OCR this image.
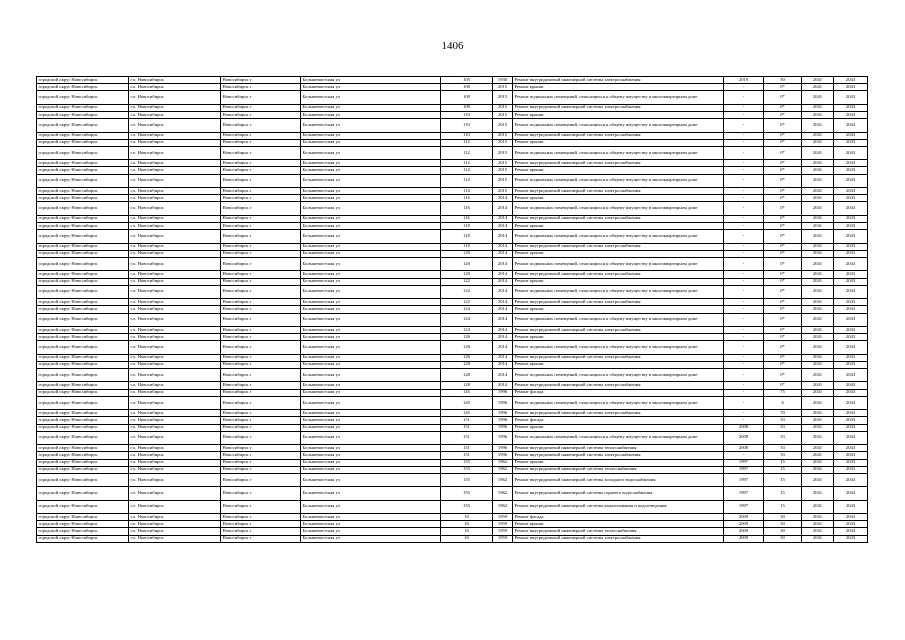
1406
городской округ Новосибирск	г.о. Новосибирск	Новосибирск г	Большевистская ул	105	1930	Ремонт внутридомовой инженерной системы электроснабжения	2019	50	2041	2043
городской округ Новосибирск	г.о. Новосибирск	Новосибирск г	Большевистская ул	108	2015	Ремонт крыши	-	0*	2041	2043
городской округ Новосибирск	г.о. Новосибирск	Новосибирск г	Большевистская ул	108	2015	Ремонт подвальных помещений, относящихся к общему имуществу в многоквартирном доме	-	0*	2041	2043
городской округ Новосибирск	г.о. Новосибирск	Новосибирск г	Большевистская ул	108	2015	Ремонт внутридомовой инженерной системы электроснабжения	-	0*	2041	2043
городской округ Новосибирск	г.о. Новосибирск	Новосибирск г	Большевистская ул	110	2015	Ремонт крыши	-	0*	2041	2043
городской округ Новосибирск	г.о. Новосибирск	Новосибирск г	Большевистская ул	110	2015	Ремонт подвальных помещений, относящихся к общему имуществу в многоквартирном доме	-	0*	2041	2043
городской округ Новосибирск	г.о. Новосибирск	Новосибирск г	Большевистская ул	110	2015	Ремонт внутридомовой инженерной системы электроснабжения	-	0*	2041	2043
городской округ Новосибирск	г.о. Новосибирск	Новосибирск г	Большевистская ул	112	2015	Ремонт крыши	-	0*	2041	2043
городской округ Новосибирск	г.о. Новосибирск	Новосибирск г	Большевистская ул	112	2015	Ремонт подвальных помещений, относящихся к общему имуществу в многоквартирном доме	-	0*	2041	2043
городской округ Новосибирск	г.о. Новосибирск	Новосибирск г	Большевистская ул	112	2015	Ремонт внутридомовой инженерной системы электроснабжения	-	0*	2041	2043
городской округ Новосибирск	г.о. Новосибирск	Новосибирск г	Большевистская ул	114	2015	Ремонт крыши	-	0*	2041	2043
городской округ Новосибирск	г.о. Новосибирск	Новосибирск г	Большевистская ул	114	2015	Ремонт подвальных помещений, относящихся к общему имуществу в многоквартирном доме	-	0*	2041	2043
городской округ Новосибирск	г.о. Новосибирск	Новосибирск г	Большевистская ул	114	2015	Ремонт внутридомовой инженерной системы электроснабжения	-	0*	2041	2043
городской округ Новосибирск	г.о. Новосибирск	Новосибирск г	Большевистская ул	116	2014	Ремонт крыши	-	0*	2041	2043
городской округ Новосибирск	г.о. Новосибирск	Новосибирск г	Большевистская ул	116	2014	Ремонт подвальных помещений, относящихся к общему имуществу в многоквартирном доме	-	0*	2041	2043
городской округ Новосибирск	г.о. Новосибирск	Новосибирск г	Большевистская ул	116	2014	Ремонт внутридомовой инженерной системы электроснабжения	-	0*	2041	2043
городской округ Новосибирск	г.о. Новосибирск	Новосибирск г	Большевистская ул	118	2014	Ремонт крыши	-	0*	2041	2043
городской округ Новосибирск	г.о. Новосибирск	Новосибирск г	Большевистская ул	118	2014	Ремонт подвальных помещений, относящихся к общему имуществу в многоквартирном доме	-	0*	2041	2043
городской округ Новосибирск	г.о. Новосибирск	Новосибирск г	Большевистская ул	118	2014	Ремонт внутридомовой инженерной системы электроснабжения	-	0*	2041	2043
городской округ Новосибирск	г.о. Новосибирск	Новосибирск г	Большевистская ул	120	2014	Ремонт крыши	-	0*	2041	2043
городской округ Новосибирск	г.о. Новосибирск	Новосибирск г	Большевистская ул	120	2014	Ремонт подвальных помещений, относящихся к общему имуществу в многоквартирном доме	-	0*	2041	2043
городской округ Новосибирск	г.о. Новосибирск	Новосибирск г	Большевистская ул	120	2014	Ремонт внутридомовой инженерной системы электроснабжения	-	0*	2041	2043
городской округ Новосибирск	г.о. Новосибирск	Новосибирск г	Большевистская ул	122	2014	Ремонт крыши	-	0*	2041	2043
городской округ Новосибирск	г.о. Новосибирск	Новосибирск г	Большевистская ул	122	2014	Ремонт подвальных помещений, относящихся к общему имуществу в многоквартирном доме	-	0*	2041	2043
городской округ Новосибирск	г.о. Новосибирск	Новосибирск г	Большевистская ул	122	2014	Ремонт внутридомовой инженерной системы электроснабжения	-	0*	2041	2043
городской округ Новосибирск	г.о. Новосибирск	Новосибирск г	Большевистская ул	124	2014	Ремонт крыши	-	0*	2041	2043
городской округ Новосибирск	г.о. Новосибирск	Новосибирск г	Большевистская ул	124	2014	Ремонт подвальных помещений, относящихся к общему имуществу в многоквартирном доме	-	0*	2041	2043
городской округ Новосибирск	г.о. Новосибирск	Новосибирск г	Большевистская ул	124	2014	Ремонт внутридомовой инженерной системы электроснабжения	-	0*	2041	2043
городской округ Новосибирск	г.о. Новосибирск	Новосибирск г	Большевистская ул	126	2014	Ремонт крыши	-	0*	2041	2043
городской округ Новосибирск	г.о. Новосибирск	Новосибирск г	Большевистская ул	126	2014	Ремонт подвальных помещений, относящихся к общему имуществу в многоквартирном доме	-	0*	2041	2043
городской округ Новосибирск	г.о. Новосибирск	Новосибирск г	Большевистская ул	126	2014	Ремонт внутридомовой инженерной системы электроснабжения	-	0*	2041	2043
городской округ Новосибирск	г.о. Новосибирск	Новосибирск г	Большевистская ул	128	2014	Ремонт крыши	-	0*	2041	2043
городской округ Новосибирск	г.о. Новосибирск	Новосибирск г	Большевистская ул	128	2014	Ремонт подвальных помещений, относящихся к общему имуществу в многоквартирном доме	-	0*	2041	2043
городской округ Новосибирск	г.о. Новосибирск	Новосибирск г	Большевистская ул	128	2014	Ремонт внутридомовой инженерной системы электроснабжения	-	0*	2041	2043
городской округ Новосибирск	г.о. Новосибирск	Новосибирск г	Большевистская ул	145	1996	Ремонт фасада	-	75	2041	2043
городской округ Новосибирск	г.о. Новосибирск	Новосибирск г	Большевистская ул	145	1996	Ремонт подвальных помещений, относящихся к общему имуществу в многоквартирном доме	-	4	2041	2043
городской округ Новосибирск	г.о. Новосибирск	Новосибирск г	Большевистская ул	145	1996	Ремонт внутридомовой инженерной системы электроснабжения	-	70	2041	2043
городской округ Новосибирск	г.о. Новосибирск	Новосибирск г	Большевистская ул	151	1996	Ремонт фасада	-	33	2041	2043
городской округ Новосибирск	г.о. Новосибирск	Новосибирск г	Большевистская ул	151	1996	Ремонт крыши	2008	33	2041	2043
городской округ Новосибирск	г.о. Новосибирск	Новосибирск г	Большевистская ул	151	1996	Ремонт подвальных помещений, относящихся к общему имуществу в многоквартирном доме	2008	33	2041	2043
городской округ Новосибирск	г.о. Новосибирск	Новосибирск г	Большевистская ул	151	1996	Ремонт внутридомовой инженерной системы теплоснабжения	2008	33	2041	2043
городской округ Новосибирск	г.о. Новосибирск	Новосибирск г	Большевистская ул	151	1996	Ремонт внутридомовой инженерной системы электроснабжения	-	33	2041	2043
городской округ Новосибирск	г.о. Новосибирск	Новосибирск г	Большевистская ул	155	1962	Ремонт крыши	1997	15	2041	2043
городской округ Новосибирск	г.о. Новосибирск	Новосибирск г	Большевистская ул	155	1962	Ремонт внутридомовой инженерной системы теплоснабжения	1997	15	2041	2043
городской округ Новосибирск	г.о. Новосибирск	Новосибирск г	Большевистская ул	155	1962	Ремонт внутридомовой инженерной системы холодного водоснабжения	1997	15	2041	2043
городской округ Новосибирск	г.о. Новосибирск	Новосибирск г	Большевистская ул	155	1962	Ремонт внутридомовой инженерной системы горячего водоснабжения	1997	15	2041	2043
городской округ Новосибирск	г.о. Новосибирск	Новосибирск г	Большевистская ул	155	1962	Ремонт внутридомовой инженерной системы канализования и водоотведения	1997	15	2041	2043
городской округ Новосибирск	г.о. Новосибирск	Новосибирск г	Большевистская ул	16	1959	Ремонт фасада	2009	30	2041	2043
городской округ Новосибирск	г.о. Новосибирск	Новосибирск г	Большевистская ул	16	1959	Ремонт крыши	2009	30	2041	2043
городской округ Новосибирск	г.о. Новосибирск	Новосибирск г	Большевистская ул	16	1959	Ремонт внутридомовой инженерной системы теплоснабжения	2009	30	2041	2043
городской округ Новосибирск	г.о. Новосибирск	Новосибирск г	Большевистская ул	16	1959	Ремонт внутридомовой инженерной системы электроснабжения	2009	30	2041	2043
